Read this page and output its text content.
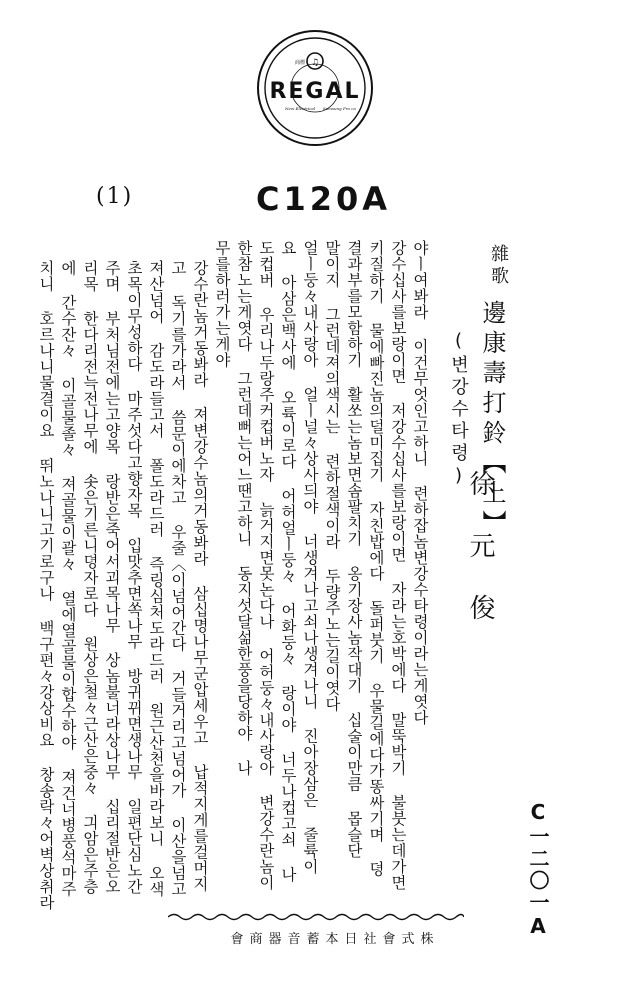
♫
商標
REGAL
New Electrical Samsung Pro co
(1)	C120A
C一二〇一A
徐元俊
邊康壽打鈴【上】
雜歌
(변강수타령)
야ㅣ여봐라 이건무엇인고하니 련하잡놈변강수타령이라는게엿다
강수십사를보랑이면 저강수십사를보랑이면 자라는호박에다 말뚝박기 불붓는데가면
키질하기 물에빠진놈의덜미집기 자친밥에다 돌퍼붓기 우물길에다가똥싸기며 뎡
결과부를모함하기 활쏘는놈보면솜팔치기 옹기장사놈작대기 십술이만큼 몹슬단
말이지 그런데져의색시는 련하절색이라 두량주노는길이엿다
얼ㅣ둥々내사랑아 얼ㅣ널々상사듸야 너생겨나고쇠나생겨나니 진아장삼은 줄륙이
요 아삼은백사에 오륙이로다 어허얼ㅣ둥々 어화둥々 랑이야 너두나컵고쇠 나
도컵버 우리나두랑주커컵버노자 늙거지면못논다나 어허둥々내사랑아 변강수란놈이
한참노는게엿다 그런데뻐는어느땐고하니 동지섯달섦한풍을당하야 나
무를하러가는게야
강수란놈거동봐라 져변강수놈의거동봐라 삼십명나무군압세우고 납적지게를걸머지
고 독기를가라서 씀문이에차고 우줄〈이넘어간다 거들거리고넘어가 이산을넘고
져산넘어 감도라들고서 폴도라드러 즉링심처도라드러 원근산천을바라보니 오색
초목이무성하다 마주섯다고향자목 입맛추면쏙나무 방귀뀌면생나무 일편단심노간
주며 부처님전에는고양목 랑반은죽어서괴목나무 상놈불너라상나무 십리절반은오
리목 한다리전늑전나무에 솟은기른니뎡자로다 원상은철々근산은중々 긔암은주층
에 간수잔々 이골물졸々 져골물이괄々 열에열골물이합수하야 져건너병풍석마주
치니 호르나니물결이요 뛰노나니고기로구나 백구편々강상비요 창송락々어벽상취라
株式會社日本蓄音器商會
